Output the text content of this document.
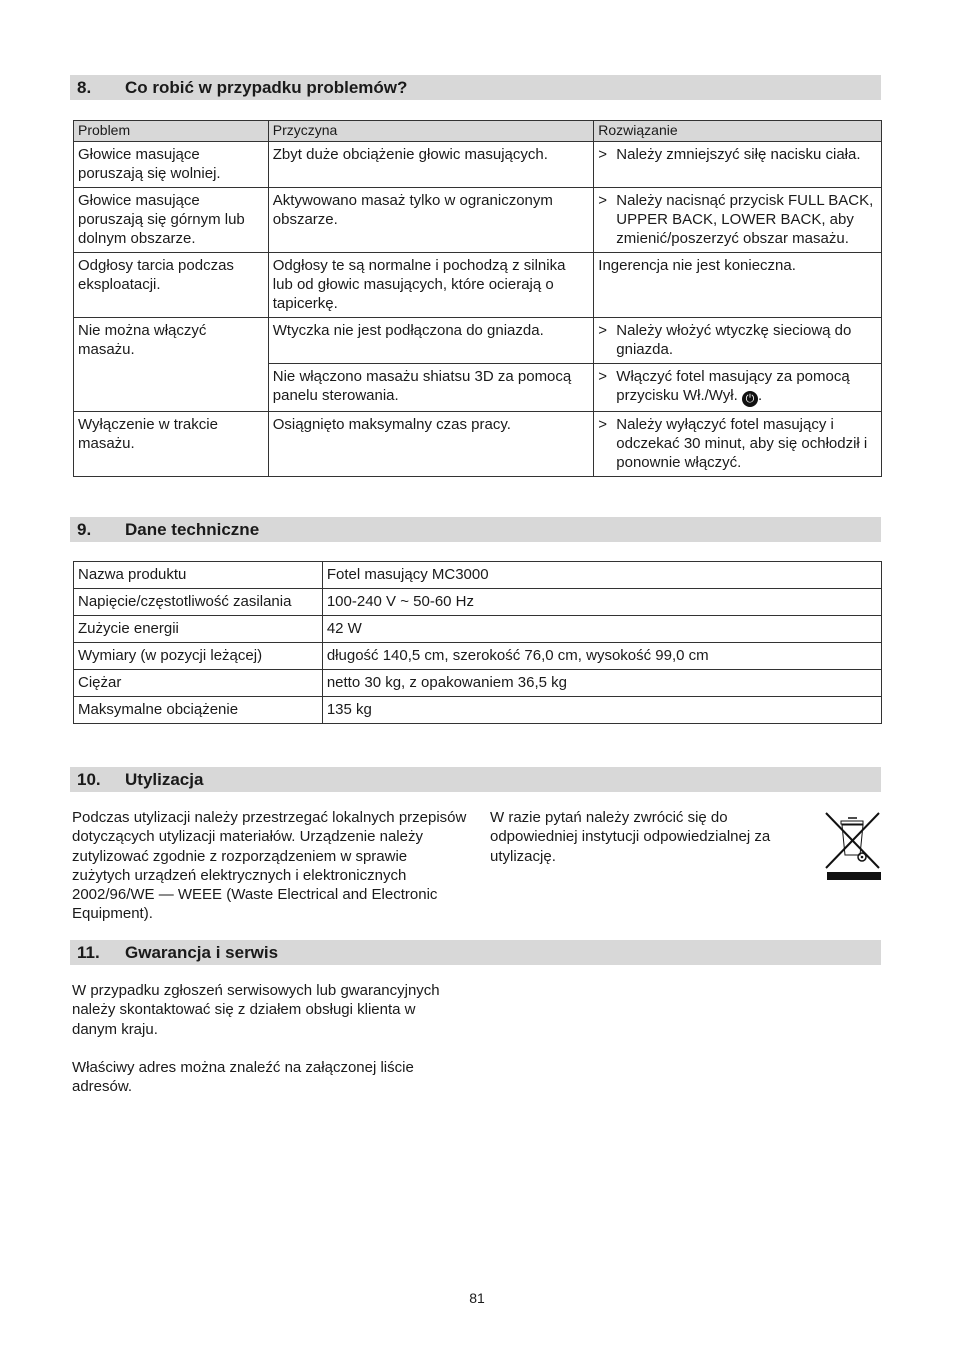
8. Co robić w przypadku problemów?
Problem	Przyczyna	Rozwiązanie
Głowice masujące poruszają się wolniej.	Zbyt duże obciążenie głowic masujących.	> Należy zmniejszyć siłę nacisku ciała.

Głowice masujące poruszają się górnym lub dolnym obszarze.	Aktywowano masaż tylko w ograniczonym obszarze.	> Należy nacisnąć przycisk FULL BACK, UPPER BACK, LOWER BACK, aby zmienić/poszerzyć obszar masażu.

Odgłosy tarcia podczas eksploatacji.	Odgłosy te są normalne i pochodzą z silnika lub od głowic masujących, które ocierają o tapicerkę.	Ingerencja nie jest konieczna.
Nie można włączyć masażu.	Wtyczka nie jest podłączona do gniazda.	> Należy włożyć wtyczkę sieciową do gniazda.

	Nie włączono masażu shiatsu 3D za pomocą panelu sterowania.	> Włączyć fotel masujący za pomocą przycisku Wł./Wył. ⏻ .

Wyłączenie w trakcie masażu.	Osiągnięto maksymalny czas pracy.	> Należy wyłączyć fotel masujący i odczekać 30 minut, aby się ochłodził i ponownie włączyć.
9. Dane techniczne
Nazwa produktu	Fotel masujący MC3000
Napięcie/częstotliwość zasilania	100-240 V ~ 50-60 Hz
Zużycie energii	42 W
Wymiary (w pozycji leżącej)	długość 140,5 cm, szerokość 76,0 cm, wysokość 99,0 cm
Ciężar	netto 30 kg, z opakowaniem 36,5 kg
Maksymalne obciążenie	135 kg
10. Utylizacja
Podczas utylizacji należy przestrzegać lokalnych przepisów dotyczących utylizacji materiałów. Urządzenie należy zutylizować zgodnie z rozporządzeniem w sprawie zużytych urządzeń elektrycznych i elektronicznych 2002/96/WE — WEEE (Waste Electrical and Electronic Equipment).
W razie pytań należy zwrócić się do odpowiedniej instytucji odpowiedzialnej za utylizację.
11. Gwarancja i serwis
W przypadku zgłoszeń serwisowych lub gwarancyjnych należy skontaktować się z działem obsługi klienta w danym kraju.
Właściwy adres można znaleźć na załączonej liście adresów.
81
